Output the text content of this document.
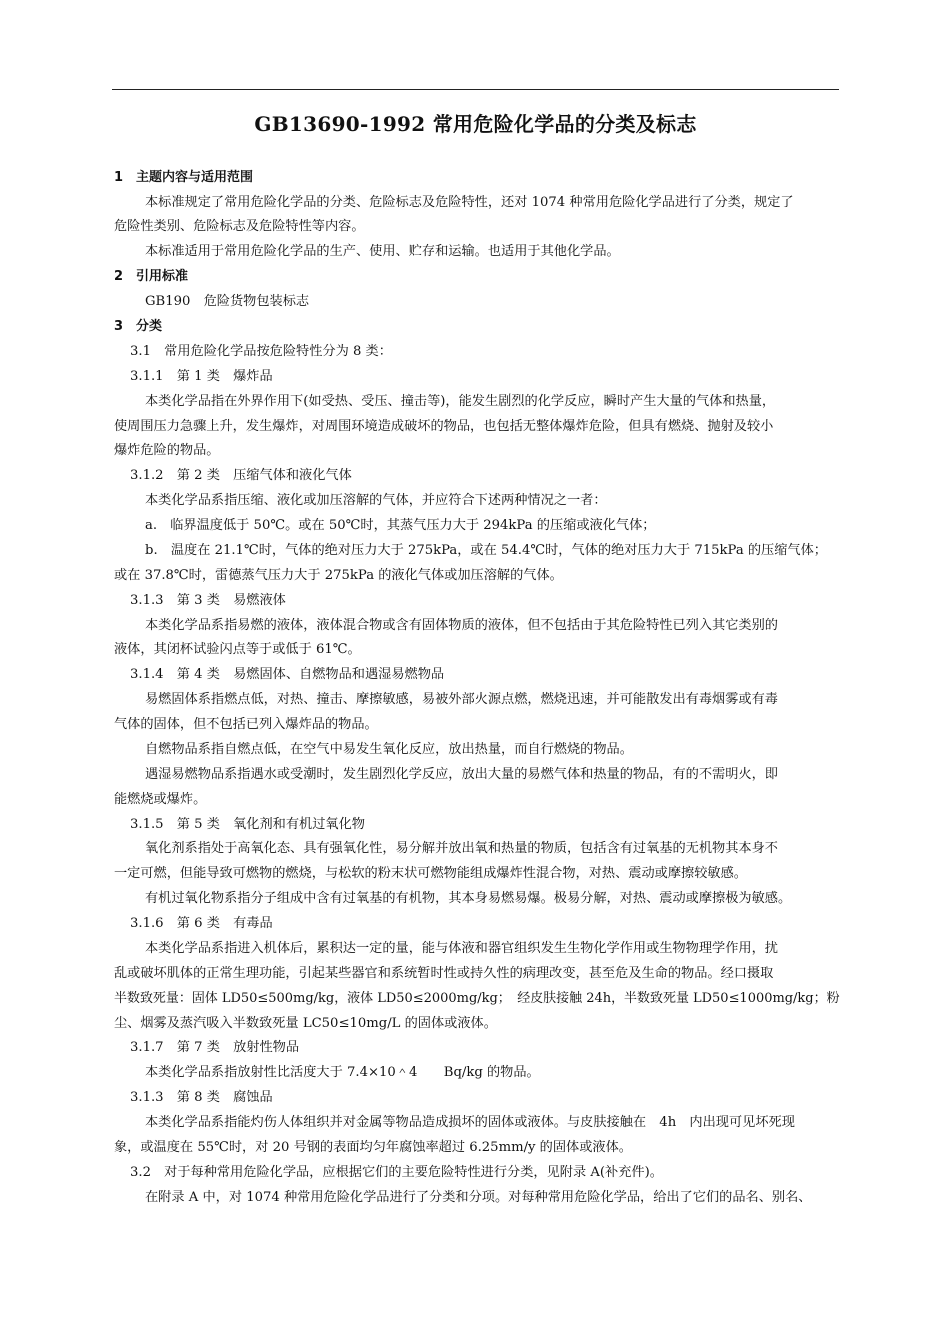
GB13690-1992 常用危险化学品的分类及标志
1　主题内容与适用范围
本标准规定了常用危险化学品的分类、危险标志及危险特性，还对 1074 种常用危险化学品进行了分类，规定了
危险性类别、危险标志及危险特性等内容。
本标准适用于常用危险化学品的生产、使用、贮存和运输。也适用于其他化学品。
2　引用标准
GB190　危险货物包装标志
3　分类
3.1　常用危险化学品按危险特性分为 8 类：
3.1.1　第 1 类　爆炸品
本类化学品指在外界作用下(如受热、受压、撞击等)，能发生剧烈的化学反应，瞬时产生大量的气体和热量，
使周围压力急骤上升，发生爆炸，对周围环境造成破坏的物品，也包括无整体爆炸危险，但具有燃烧、抛射及较小
爆炸危险的物品。
3.1.2　第 2 类　压缩气体和液化气体
本类化学品系指压缩、液化或加压溶解的气体，并应符合下述两种情况之一者：
a.　临界温度低于 50℃。或在 50℃时，其蒸气压力大于 294kPa 的压缩或液化气体；
b.　温度在 21.1℃时，气体的绝对压力大于 275kPa，或在 54.4℃时，气体的绝对压力大于 715kPa 的压缩气体；
或在 37.8℃时，雷德蒸气压力大于 275kPa 的液化气体或加压溶解的气体。
3.1.3　第 3 类　易燃液体
本类化学品系指易燃的液体，液体混合物或含有固体物质的液体，但不包括由于其危险特性已列入其它类别的
液体，其闭杯试验闪点等于或低于 61℃。
3.1.4　第 4 类　易燃固体、自燃物品和遇湿易燃物品
易燃固体系指燃点低，对热、撞击、摩擦敏感，易被外部火源点燃，燃烧迅速，并可能散发出有毒烟雾或有毒
气体的固体，但不包括已列入爆炸品的物品。
自燃物品系指自燃点低，在空气中易发生氧化反应，放出热量，而自行燃烧的物品。
遇湿易燃物品系指遇水或受潮时，发生剧烈化学反应，放出大量的易燃气体和热量的物品，有的不需明火，即
能燃烧或爆炸。
3.1.5　第 5 类　氧化剂和有机过氧化物
氧化剂系指处于高氧化态、具有强氧化性，易分解并放出氧和热量的物质，包括含有过氧基的无机物其本身不
一定可燃，但能导致可燃物的燃烧，与松软的粉末状可燃物能组成爆炸性混合物，对热、震动或摩擦较敏感。
有机过氧化物系指分子组成中含有过氧基的有机物，其本身易燃易爆。极易分解，对热、震动或摩擦极为敏感。
3.1.6　第 6 类　有毒品
本类化学品系指进入机体后，累积达一定的量，能与体液和器官组织发生生物化学作用或生物物理学作用，扰
乱或破坏肌体的正常生理功能，引起某些器官和系统暂时性或持久性的病理改变，甚至危及生命的物品。经口摄取
半数致死量：固体 LD50≤500mg/kg，液体 LD50≤2000mg/kg；　经皮肤接触 24h，半数致死量 LD50≤1000mg/kg；粉
尘、烟雾及蒸汽吸入半数致死量 LC50≤10mg/L 的固体或液体。
3.1.7　第 7 类　放射性物品
本类化学品系指放射性比活度大于 7.4×10＾4　　Bq/kg 的物品。
3.1.3　第 8 类　腐蚀品
本类化学品系指能灼伤人体组织并对金属等物品造成损坏的固体或液体。与皮肤接触在　4h　内出现可见坏死现
象，或温度在 55℃时，对 20 号钢的表面均匀年腐蚀率超过 6.25mm/y 的固体或液体。
3.2　对于每种常用危险化学品，应根据它们的主要危险特性进行分类，见附录 A(补充件)。
在附录 A 中，对 1074 种常用危险化学品进行了分类和分项。对每种常用危险化学品，给出了它们的品名、别名、
